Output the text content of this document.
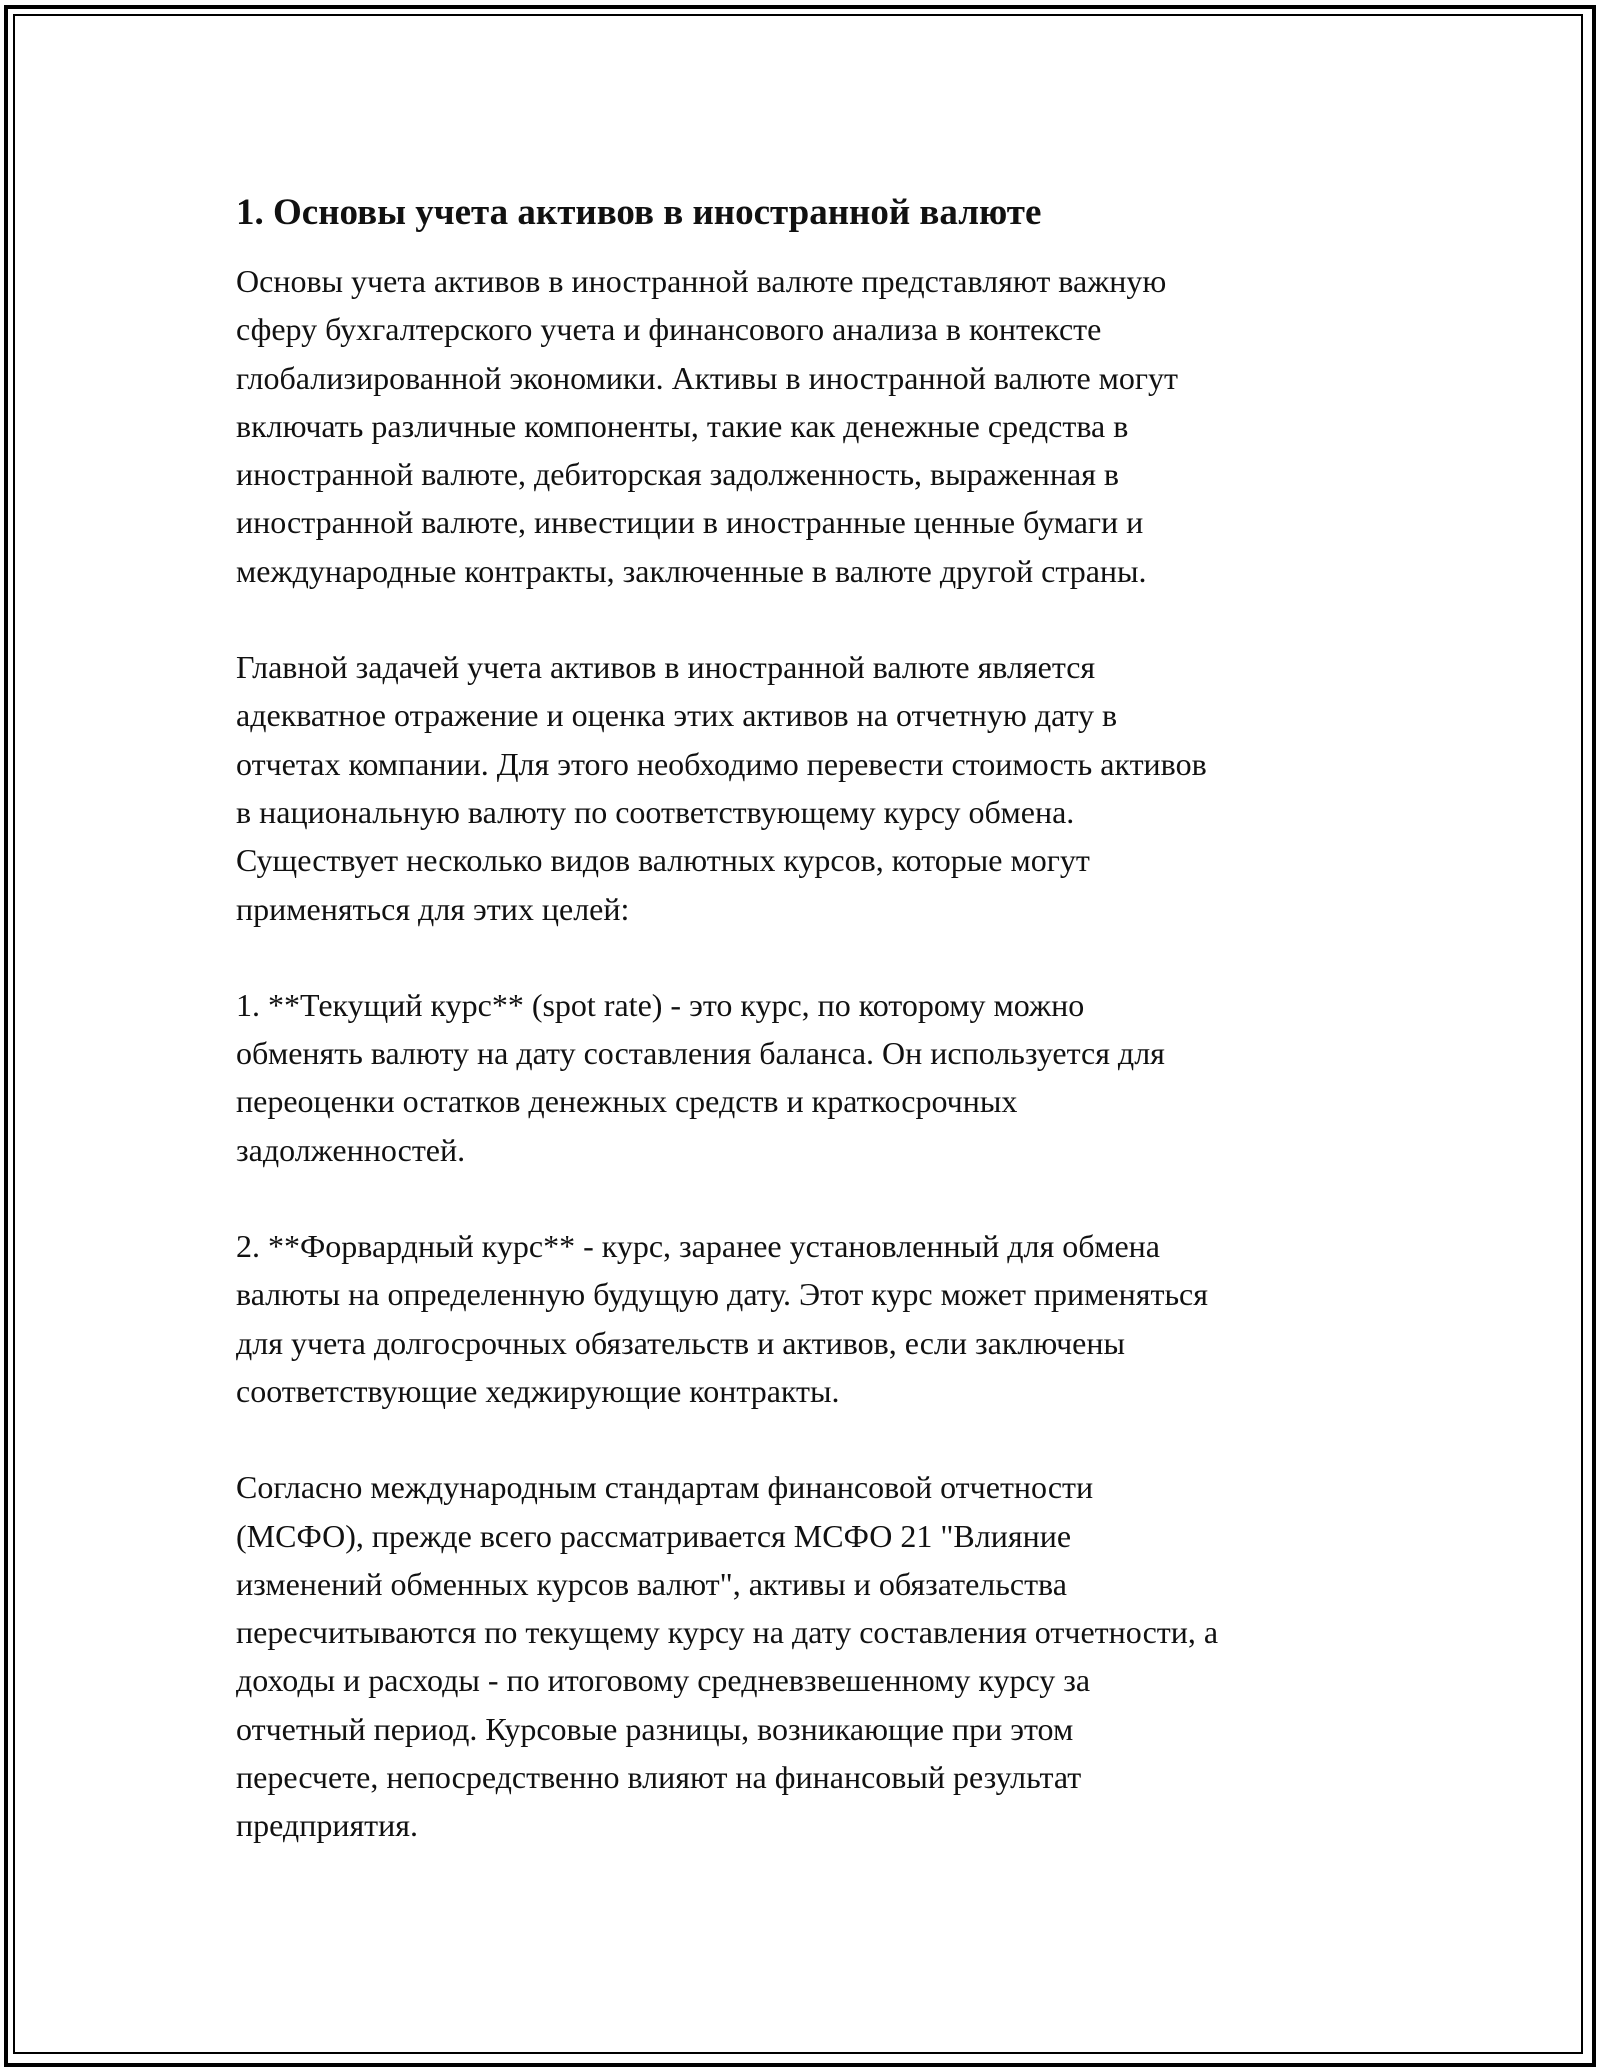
1. Основы учета активов в иностранной валюте

Основы учета активов в иностранной валюте представляют важную
сферу бухгалтерского учета и финансового анализа в контексте
глобализированной экономики. Активы в иностранной валюте могут
включать различные компоненты, такие как денежные средства в
иностранной валюте, дебиторская задолженность, выраженная в
иностранной валюте, инвестиции в иностранные ценные бумаги и
международные контракты, заключенные в валюте другой страны.

Главной задачей учета активов в иностранной валюте является
адекватное отражение и оценка этих активов на отчетную дату в
отчетах компании. Для этого необходимо перевести стоимость активов
в национальную валюту по соответствующему курсу обмена.
Существует несколько видов валютных курсов, которые могут
применяться для этих целей:

1. **Текущий курс** (spot rate) - это курс, по которому можно
обменять валюту на дату составления баланса. Он используется для
переоценки остатков денежных средств и краткосрочных
задолженностей.

2. **Форвардный курс** - курс, заранее установленный для обмена
валюты на определенную будущую дату. Этот курс может применяться
для учета долгосрочных обязательств и активов, если заключены
соответствующие хеджирующие контракты.

Согласно международным стандартам финансовой отчетности
(МСФО), прежде всего рассматривается МСФО 21 "Влияние
изменений обменных курсов валют", активы и обязательства
пересчитываются по текущему курсу на дату составления отчетности, а
доходы и расходы - по итоговому средневзвешенному курсу за
отчетный период. Курсовые разницы, возникающие при этом
пересчете, непосредственно влияют на финансовый результат
предприятия.
